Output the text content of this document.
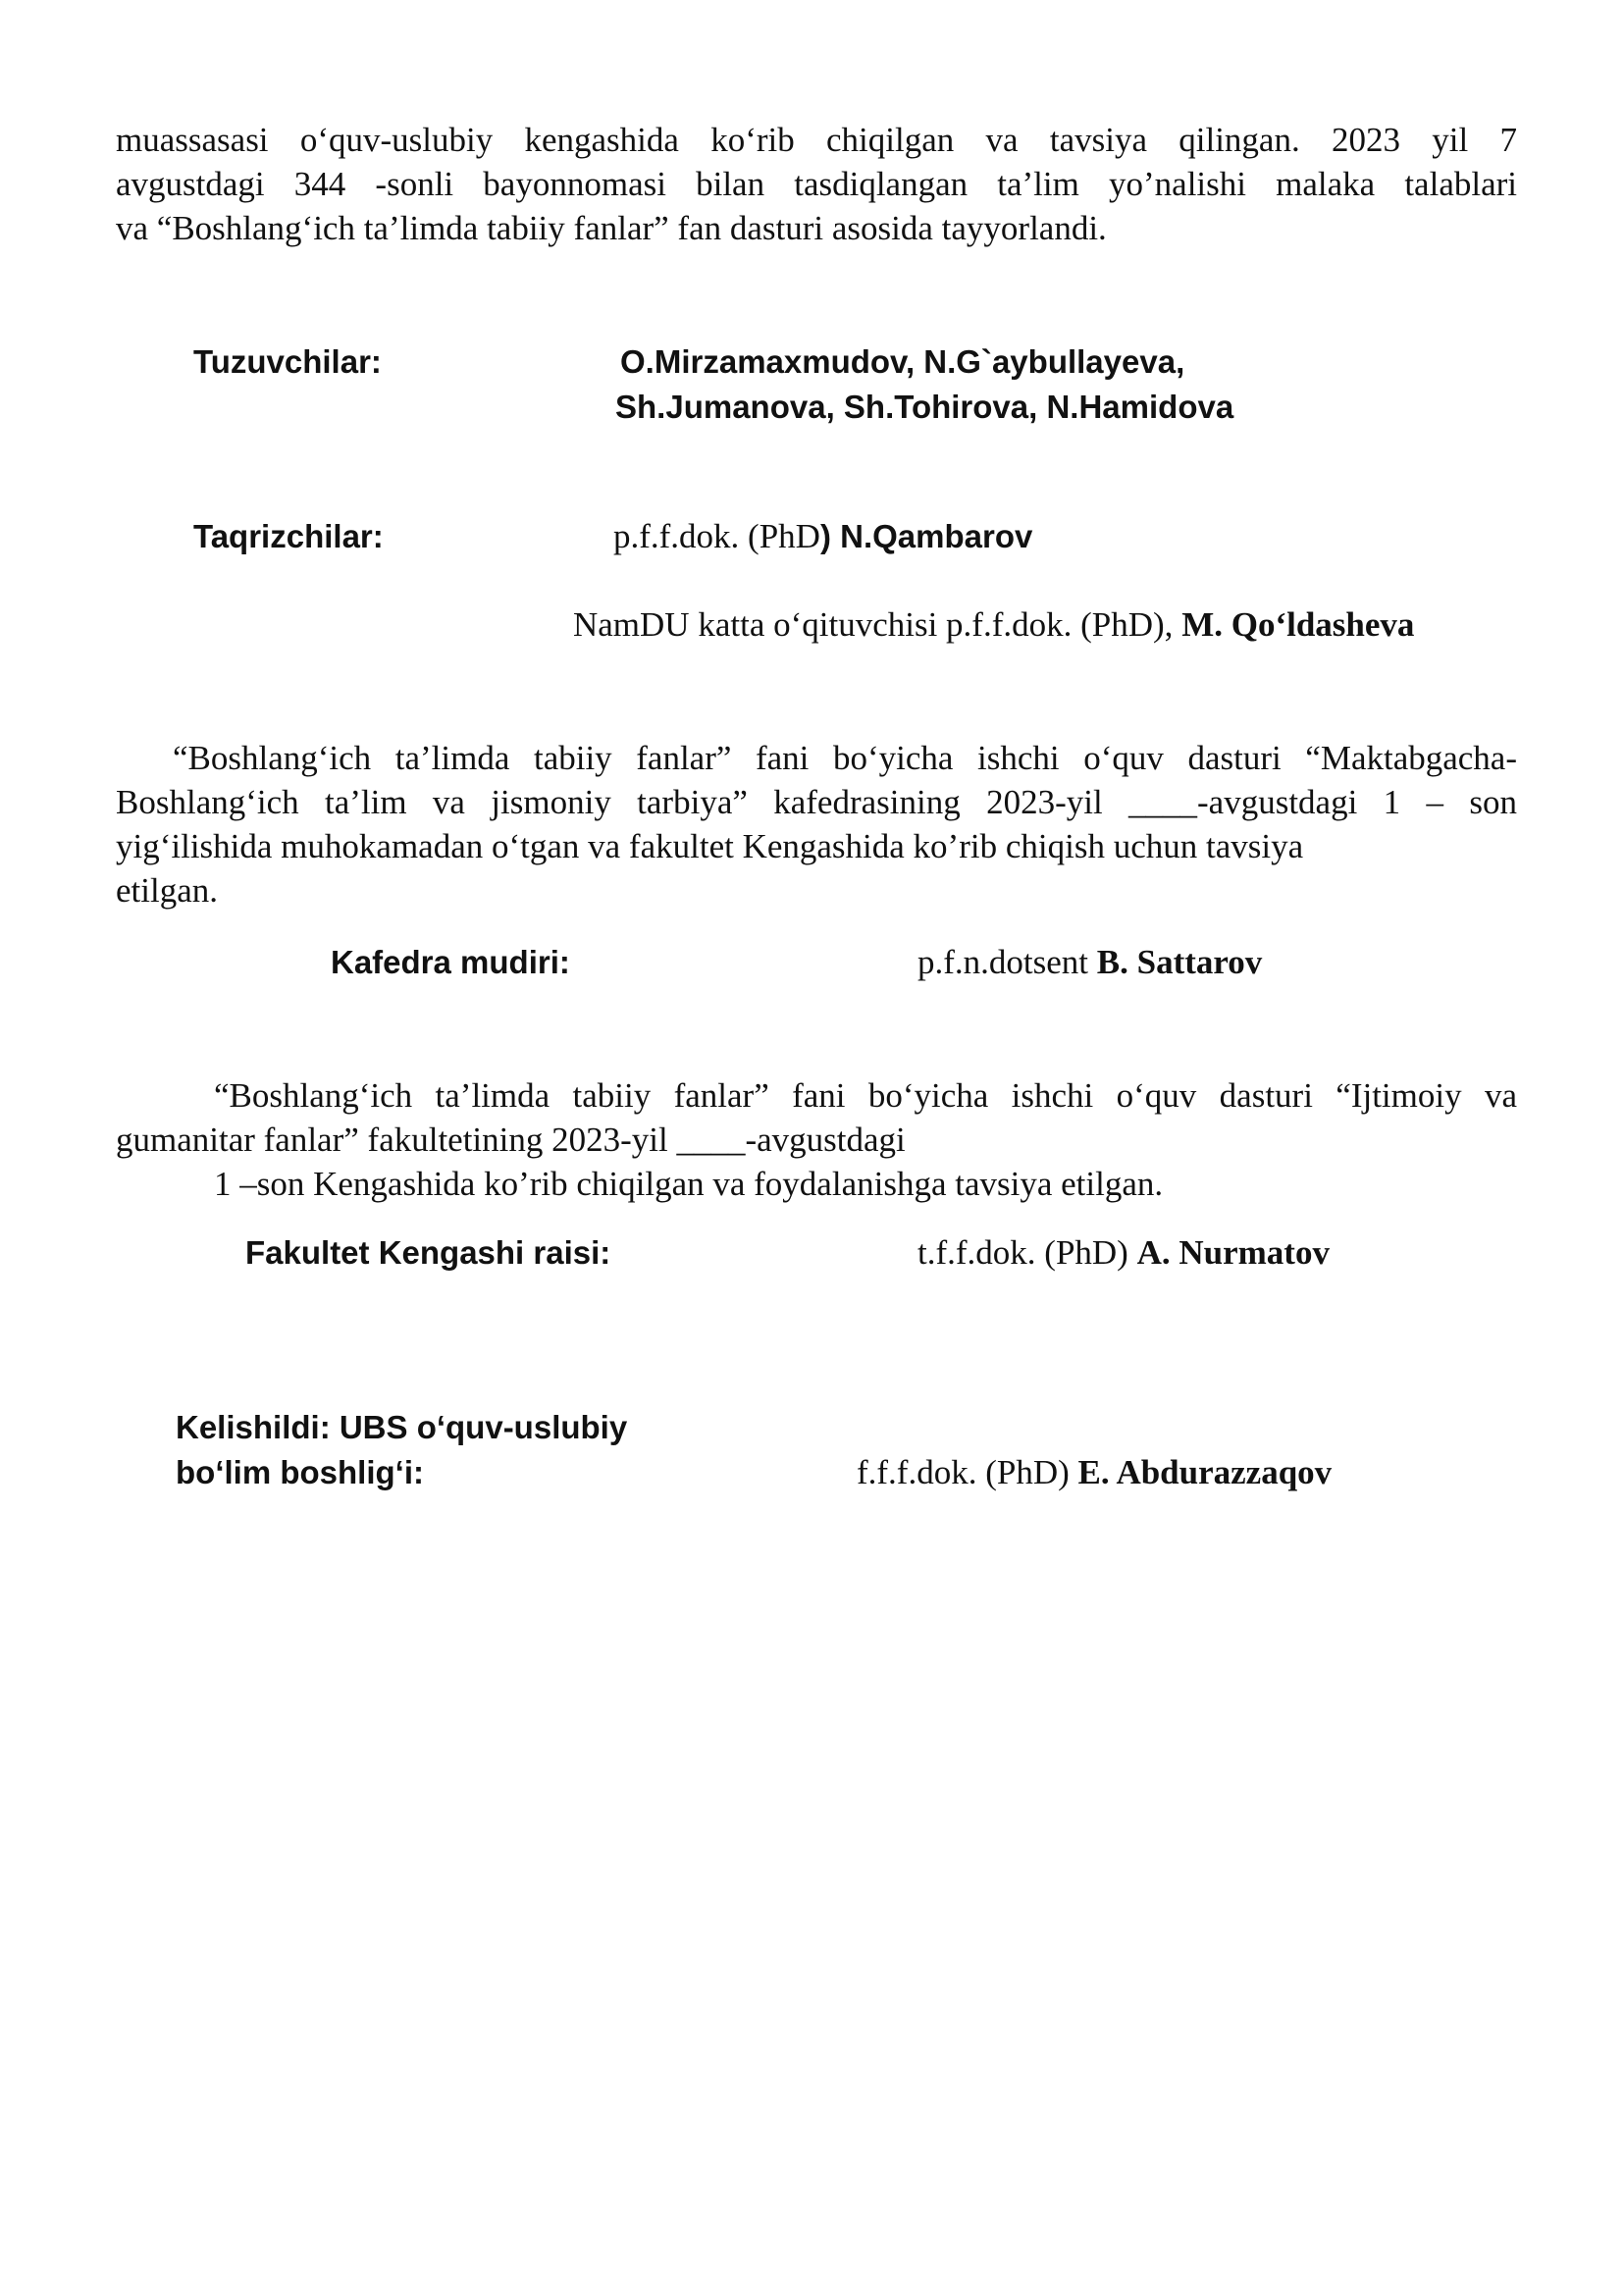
muassasasi o‘quv-uslubiy kengashida ko‘rib chiqilgan va tavsiya qilingan. 2023 yil 7
avgustdagi 344 -sonli bayonnomasi bilan tasdiqlangan ta’lim yo’nalishi malaka talablari
va “Boshlang‘ich ta’limda tabiiy fanlar” fan dasturi asosida tayyorlandi.
Tuzuvchilar:	O.Mirzamaxmudov, N.G`aybullayeva,
Sh.Jumanova, Sh.Tohirova, N.Hamidova
Taqrizchilar:	p.f.f.dok. (PhD) N.Qambarov
NamDU katta o‘qituvchisi p.f.f.dok. (PhD), M. Qo‘ldasheva
“Boshlang‘ich ta’limda tabiiy fanlar” fani bo‘yicha ishchi o‘quv dasturi “Maktabgacha-
Boshlang‘ich ta’lim va jismoniy tarbiya” kafedrasining 2023-yil ____-avgustdagi 1 – son
yig‘ilishida muhokamadan o‘tgan va fakultet Kengashida ko’rib chiqish uchun tavsiya
etilgan.
Kafedra mudiri:	p.f.n.dotsent B. Sattarov
“Boshlang‘ich ta’limda tabiiy fanlar” fani bo‘yicha ishchi o‘quv dasturi “Ijtimoiy va
gumanitar fanlar” fakultetining 2023-yil ____-avgustdagi
1 –son Kengashida ko’rib chiqilgan va foydalanishga tavsiya etilgan.
Fakultet Kengashi raisi:	t.f.f.dok. (PhD) A. Nurmatov
Kelishildi: UBS o‘quv-uslubiy
bo‘lim boshlig‘i:	f.f.f.dok. (PhD) E. Abdurazzaqov
